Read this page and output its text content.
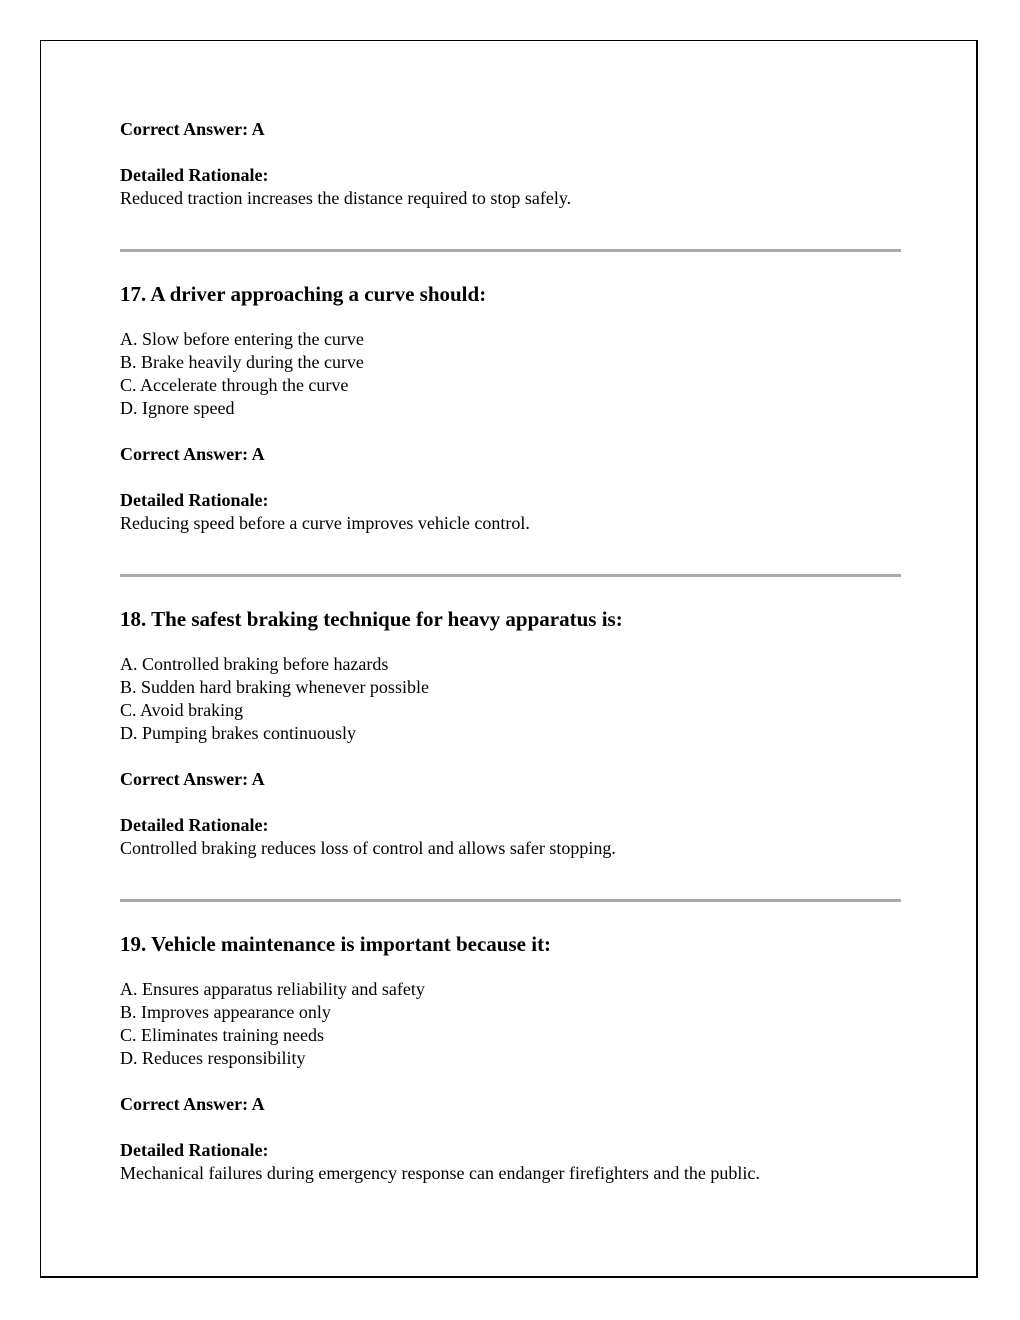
Correct Answer: A

Detailed Rationale:

Reduced traction increases the distance required to stop safely.

17. A driver approaching a curve should:
A. Slow before entering the curve
B. Brake heavily during the curve
C. Accelerate through the curve
D. Ignore speed

Correct Answer: A

Detailed Rationale:

Reducing speed before a curve improves vehicle control.

18. The safest braking technique for heavy apparatus is:
A. Controlled braking before hazards
B. Sudden hard braking whenever possible
C. Avoid braking
D. Pumping brakes continuously

Correct Answer: A

Detailed Rationale:

Controlled braking reduces loss of control and allows safer stopping.

19. Vehicle maintenance is important because it:
A. Ensures apparatus reliability and safety
B. Improves appearance only
C. Eliminates training needs
D. Reduces responsibility

Correct Answer: A

Detailed Rationale:

Mechanical failures during emergency response can endanger firefighters and the public.
